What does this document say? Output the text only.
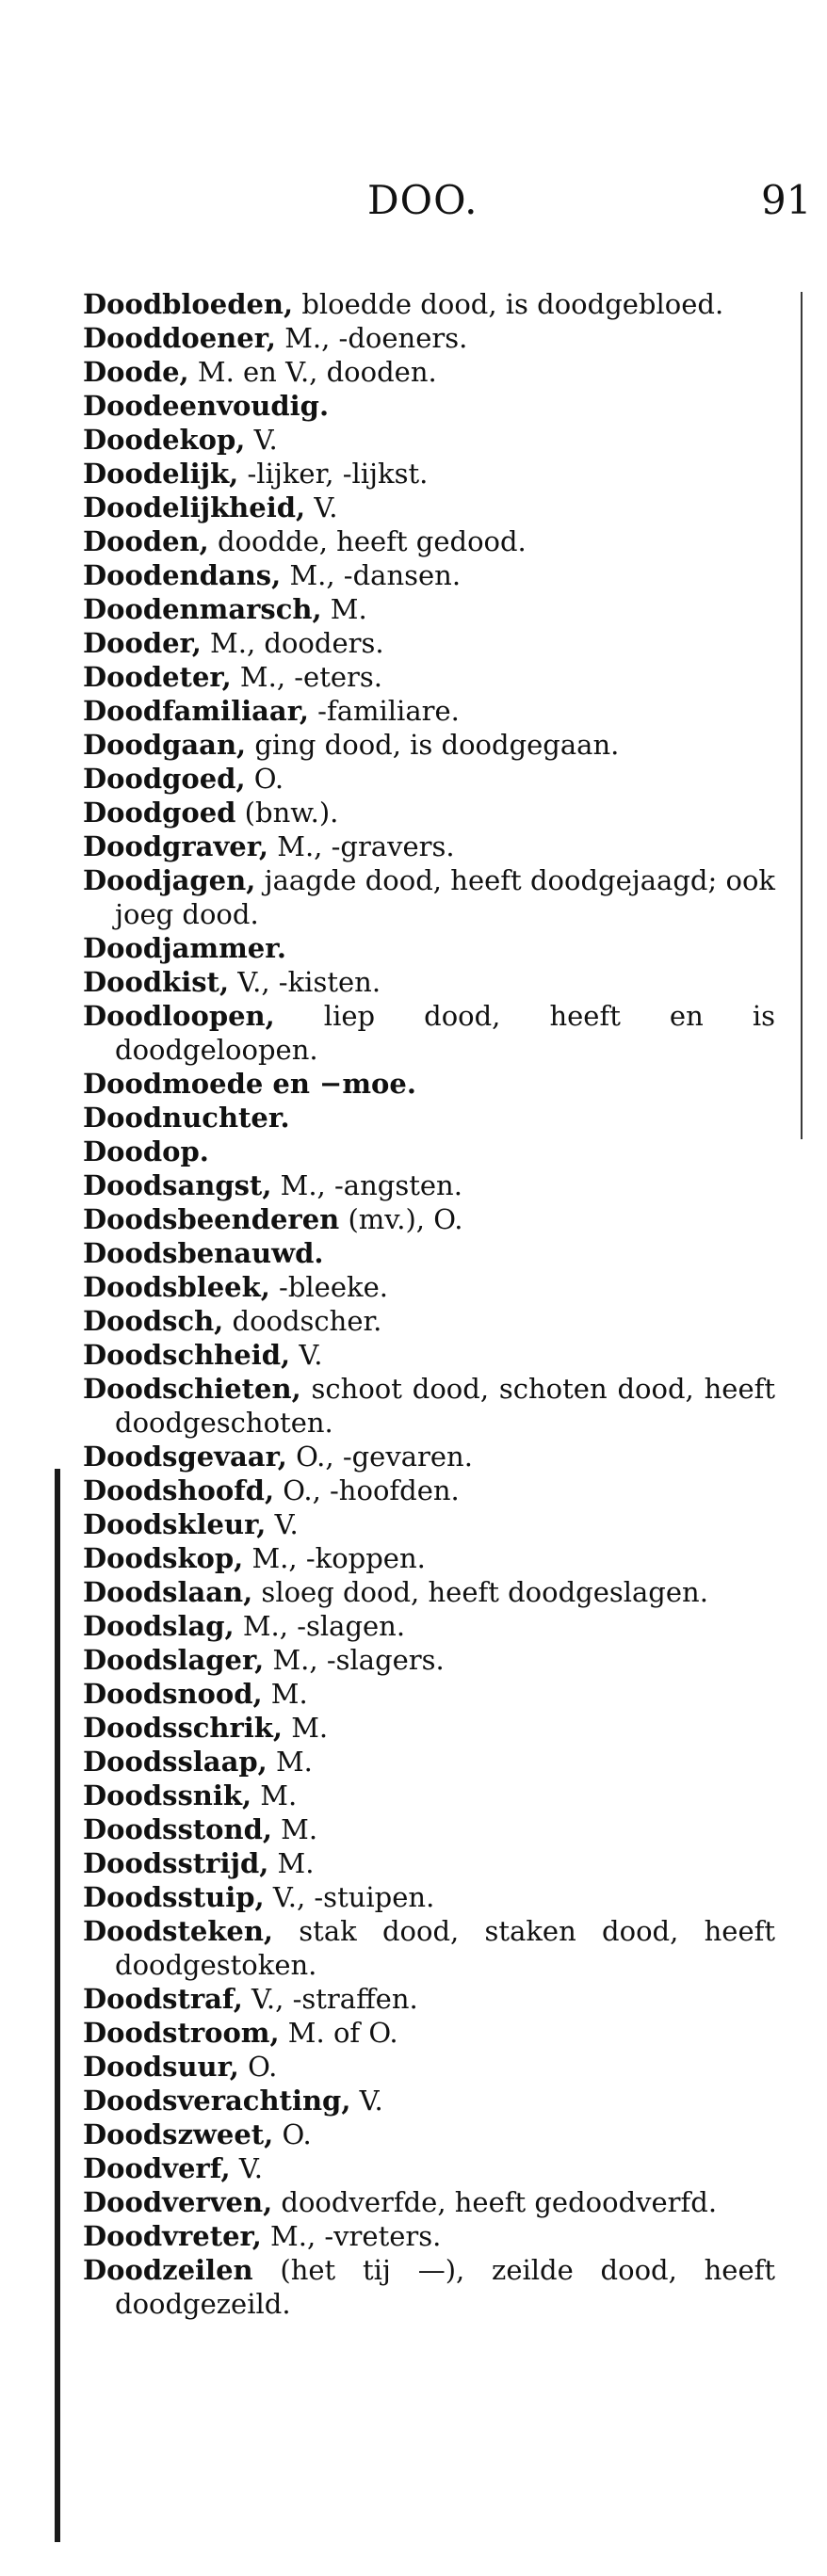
DOO.	91
Doodbloeden, bloedde dood, is doodgebloed.
Dooddoener, M., -doeners.
Doode, M. en V., dooden.
Doodeenvoudig.
Doodekop, V.
Doodelijk, -lijker, -lijkst.
Doodelijkheid, V.
Dooden, doodde, heeft gedood.
Doodendans, M., -dansen.
Doodenmarsch, M.
Dooder, M., dooders.
Doodeter, M., -eters.
Doodfamiliaar, -familiare.
Doodgaan, ging dood, is doodgegaan.
Doodgoed, O.
Doodgoed (bnw.).
Doodgraver, M., -gravers.
Doodjagen, jaagde dood, heeft doodgejaagd; ook joeg dood.
Doodjammer.
Doodkist, V., -kisten.
Doodloopen, liep dood, heeft en is doodgeloopen.
Doodmoede en −moe.
Doodnuchter.
Doodop.
Doodsangst, M., -angsten.
Doodsbeenderen (mv.), O.
Doodsbenauwd.
Doodsbleek, -bleeke.
Doodsch, doodscher.
Doodschheid, V.
Doodschieten, schoot dood, schoten dood, heeft doodgeschoten.
Doodsgevaar, O., -gevaren.
Doodshoofd, O., -hoofden.
Doodskleur, V.
Doodskop, M., -koppen.
Doodslaan, sloeg dood, heeft doodgeslagen.
Doodslag, M., -slagen.
Doodslager, M., -slagers.
Doodsnood, M.
Doodsschrik, M.
Doodsslaap, M.
Doodssnik, M.
Doodsstond, M.
Doodsstrijd, M.
Doodsstuip, V., -stuipen.
Doodsteken, stak dood, staken dood, heeft doodgestoken.
Doodstraf, V., -straffen.
Doodstroom, M. of O.
Doodsuur, O.
Doodsverachting, V.
Doodszweet, O.
Doodverf, V.
Doodverven, doodverfde, heeft gedoodverfd.
Doodvreter, M., -vreters.
Doodzeilen (het tij —), zeilde dood, heeft doodgezeild.
